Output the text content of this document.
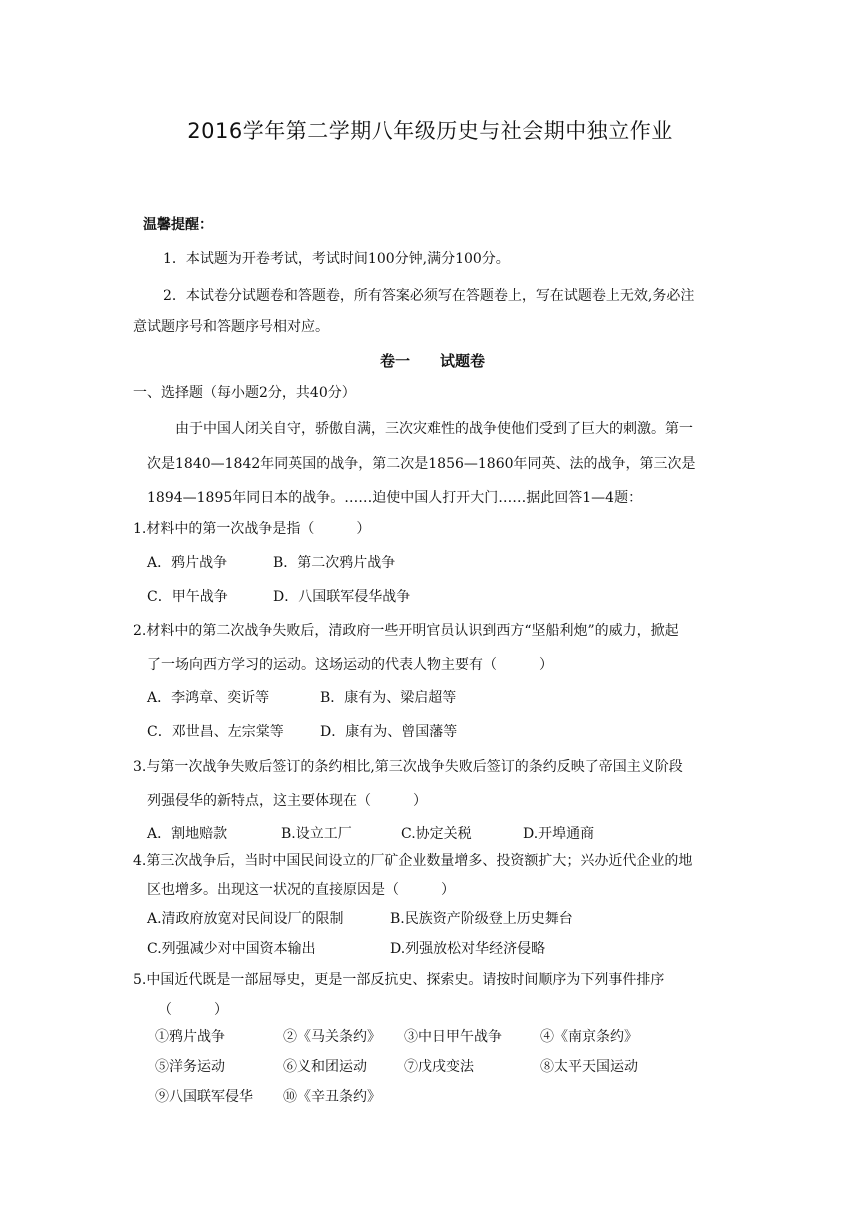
2016学年第二学期八年级历史与社会期中独立作业
温馨提醒：
1．本试题为开卷考试，考试时间100分钟,满分100分。
2．本试卷分试题卷和答题卷，所有答案必须写在答题卷上，写在试题卷上无效,务必注
意试题序号和答题序号相对应。
卷一 试题卷
一、选择题（每小题2分，共40分）
由于中国人闭关自守，骄傲自满，三次灾难性的战争使他们受到了巨大的刺激。第一
次是1840—1842年同英国的战争，第二次是1856—1860年同英、法的战争，第三次是
1894—1895年同日本的战争。……迫使中国人打开大门……据此回答1—4题：
1.材料中的第一次战争是指（　　　）
A．鸦片战争	B．第二次鸦片战争
C．甲午战争	D．八国联军侵华战争
2.材料中的第二次战争失败后，清政府一些开明官员认识到西方“坚船利炮”的威力，掀起
了一场向西方学习的运动。这场运动的代表人物主要有（　　　）
A．李鸿章、奕䜣等	B．康有为、梁启超等
C．邓世昌、左宗棠等	D．康有为、曾国藩等
3.与第一次战争失败后签订的条约相比,第三次战争失败后签订的条约反映了帝国主义阶段
列强侵华的新特点，这主要体现在（　　　）
A．割地赔款	B.设立工厂	C.协定关税	D.开埠通商
4.第三次战争后，当时中国民间设立的厂矿企业数量增多、投资额扩大；兴办近代企业的地
区也增多。出现这一状况的直接原因是（　　　）
A.清政府放宽对民间设厂的限制	B.民族资产阶级登上历史舞台
C.列强减少对中国资本输出	D.列强放松对华经济侵略
5.中国近代既是一部屈辱史，更是一部反抗史、探索史。请按时间顺序为下列事件排序
（　　　）
①鸦片战争	②《马关条约》 ③中日甲午战争	④《南京条约》
⑤洋务运动	⑥义和团运动	⑦戊戌变法	⑧太平天国运动
⑨八国联军侵华 ⑩《辛丑条约》
